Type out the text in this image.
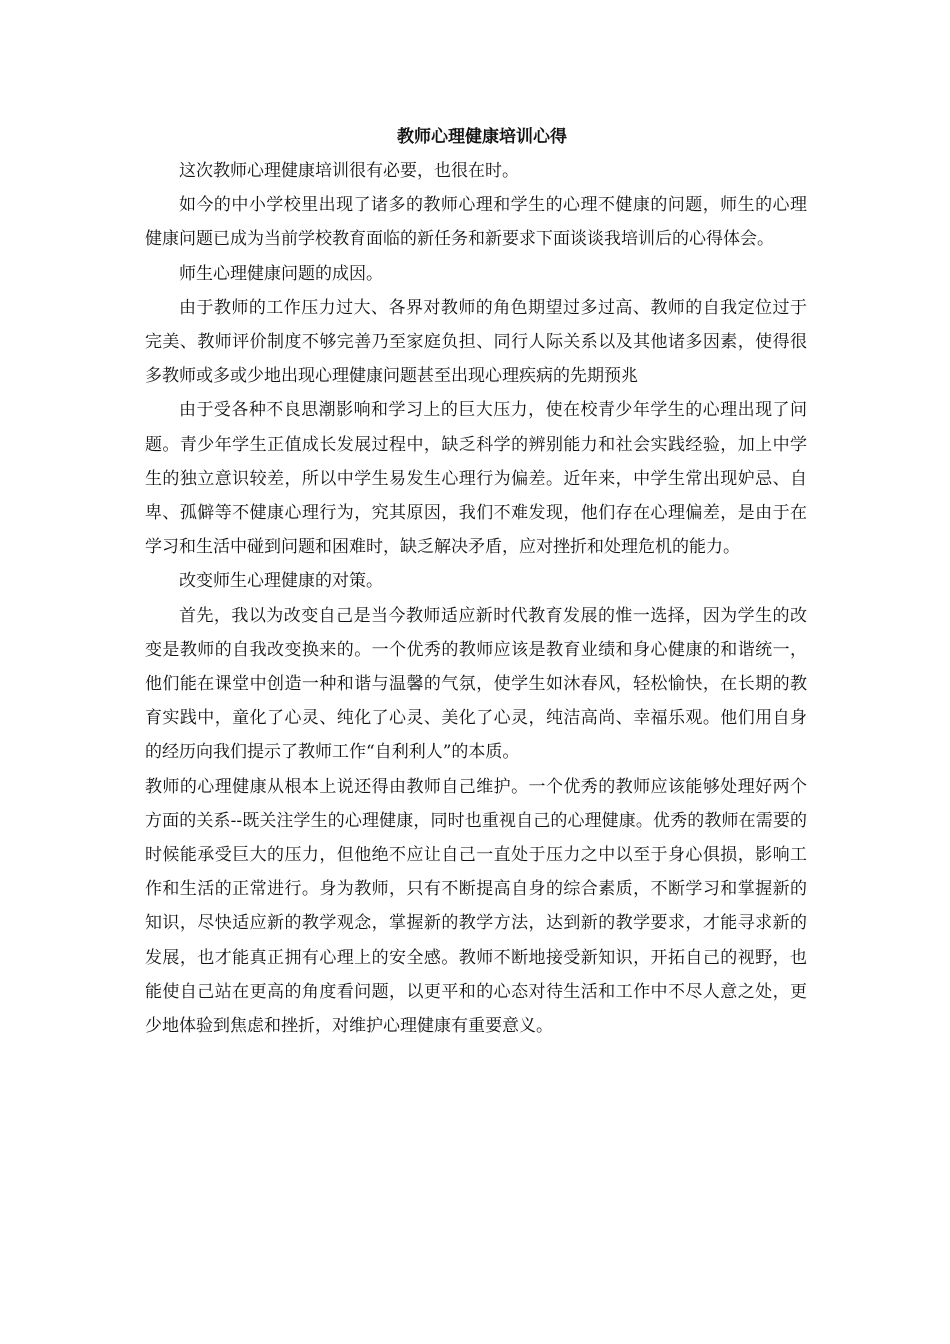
教师心理健康培训心得

这次教师心理健康培训很有必要，也很在时。

如今的中小学校里出现了诸多的教师心理和学生的心理不健康的问题，师生的心理健康问题已成为当前学校教育面临的新任务和新要求下面谈谈我培训后的心得体会。

师生心理健康问题的成因。

由于教师的工作压力过大、各界对教师的角色期望过多过高、教师的自我定位过于完美、教师评价制度不够完善乃至家庭负担、同行人际关系以及其他诸多因素，使得很多教师或多或少地出现心理健康问题甚至出现心理疾病的先期预兆

由于受各种不良思潮影响和学习上的巨大压力，使在校青少年学生的心理出现了问题。青少年学生正值成长发展过程中，缺乏科学的辨别能力和社会实践经验，加上中学生的独立意识较差，所以中学生易发生心理行为偏差。近年来，中学生常出现妒忌、自卑、孤僻等不健康心理行为，究其原因，我们不难发现，他们存在心理偏差，是由于在学习和生活中碰到问题和困难时，缺乏解决矛盾，应对挫折和处理危机的能力。

改变师生心理健康的对策。

首先，我以为改变自己是当今教师适应新时代教育发展的惟一选择，因为学生的改变是教师的自我改变换来的。一个优秀的教师应该是教育业绩和身心健康的和谐统一，他们能在课堂中创造一种和谐与温馨的气氛，使学生如沐春风，轻松愉快，在长期的教育实践中，童化了心灵、纯化了心灵、美化了心灵，纯洁高尚、幸福乐观。他们用自身的经历向我们提示了教师工作“自利利人”的本质。

教师的心理健康从根本上说还得由教师自己维护。一个优秀的教师应该能够处理好两个方面的关系--既关注学生的心理健康，同时也重视自己的心理健康。优秀的教师在需要的时候能承受巨大的压力，但他绝不应让自己一直处于压力之中以至于身心俱损，影响工作和生活的正常进行。身为教师，只有不断提高自身的综合素质，不断学习和掌握新的知识，尽快适应新的教学观念，掌握新的教学方法，达到新的教学要求，才能寻求新的发展，也才能真正拥有心理上的安全感。教师不断地接受新知识，开拓自己的视野，也能使自己站在更高的角度看问题，以更平和的心态对待生活和工作中不尽人意之处，更少地体验到焦虑和挫折，对维护心理健康有重要意义。
